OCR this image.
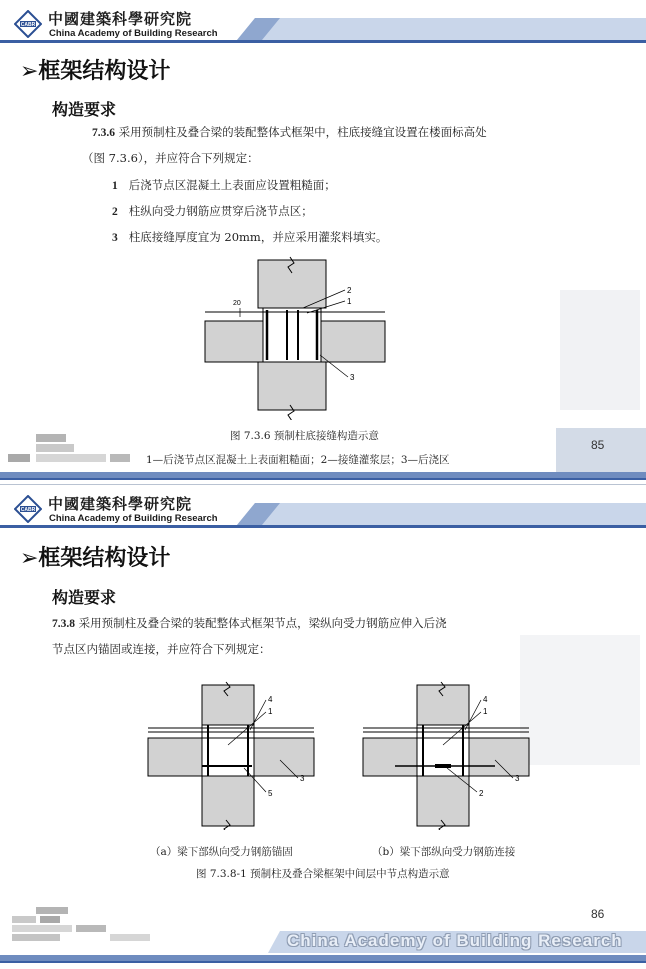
CABR 中國建築科學研究院
China Academy of Building Research
➢框架结构设计
构造要求
7.3.6 采用预制柱及叠合梁的装配整体式框架中，柱底接缝宜设置在楼面标高处
（图 7.3.6），并应符合下列规定：
1 后浇节点区混凝土上表面应设置粗糙面；
2 柱纵向受力钢筋应贯穿后浇节点区；
3 柱底接缝厚度宜为 20mm，并应采用灌浆料填实。
2
1
3
20
图 7.3.6 预制柱底接缝构造示意
1—后浇节点区混凝土上表面粗糙面；2—接缝灌浆层；3—后浇区
85
CABR 中國建築科學研究院
China Academy of Building Research
➢框架结构设计
构造要求
7.3.8 采用预制柱及叠合梁的装配整体式框架节点，梁纵向受力钢筋应伸入后浇
节点区内锚固或连接，并应符合下列规定：
4
1
3
5
4
1
3
2
（a）梁下部纵向受力钢筋锚固	（b）梁下部纵向受力钢筋连接
图 7.3.8-1 预制柱及叠合梁框架中间层中节点构造示意
86
China Academy of Building Research
